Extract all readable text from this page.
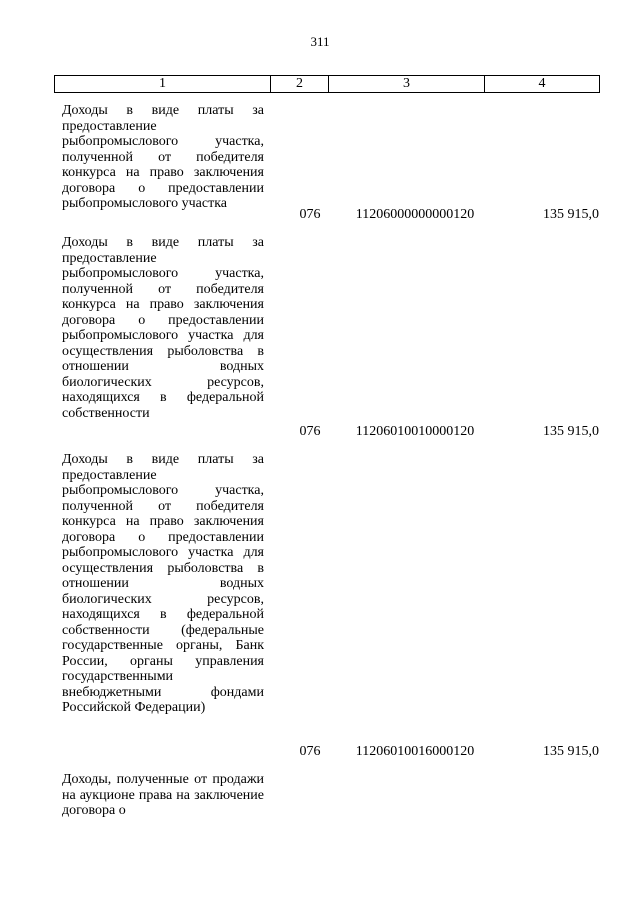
311
1	2	3	4
Доходы в виде платы за предоставление рыбопромыслового участка, полученной от победителя конкурса на право заключения договора о предоставлении рыбопромыслового участка
076	11206000000000120	135 915,0
Доходы в виде платы за предоставление рыбопромыслового участка, полученной от победителя конкурса на право заключения договора о предоставлении рыбопромыслового участка для осуществления рыболовства в отношении водных биологических ресурсов, находящихся в федеральной собственности
076	11206010010000120	135 915,0
Доходы в виде платы за предоставление рыбопромыслового участка, полученной от победителя конкурса на право заключения договора о предоставлении рыбопромыслового участка для осуществления рыболовства в отношении водных биологических ресурсов, находящихся в федеральной собственности (федеральные государственные органы, Банк России, органы управления государственными внебюджетными фондами Российской Федерации)
076	11206010016000120	135 915,0
Доходы, полученные от продажи на аукционе права на заключение договора о
